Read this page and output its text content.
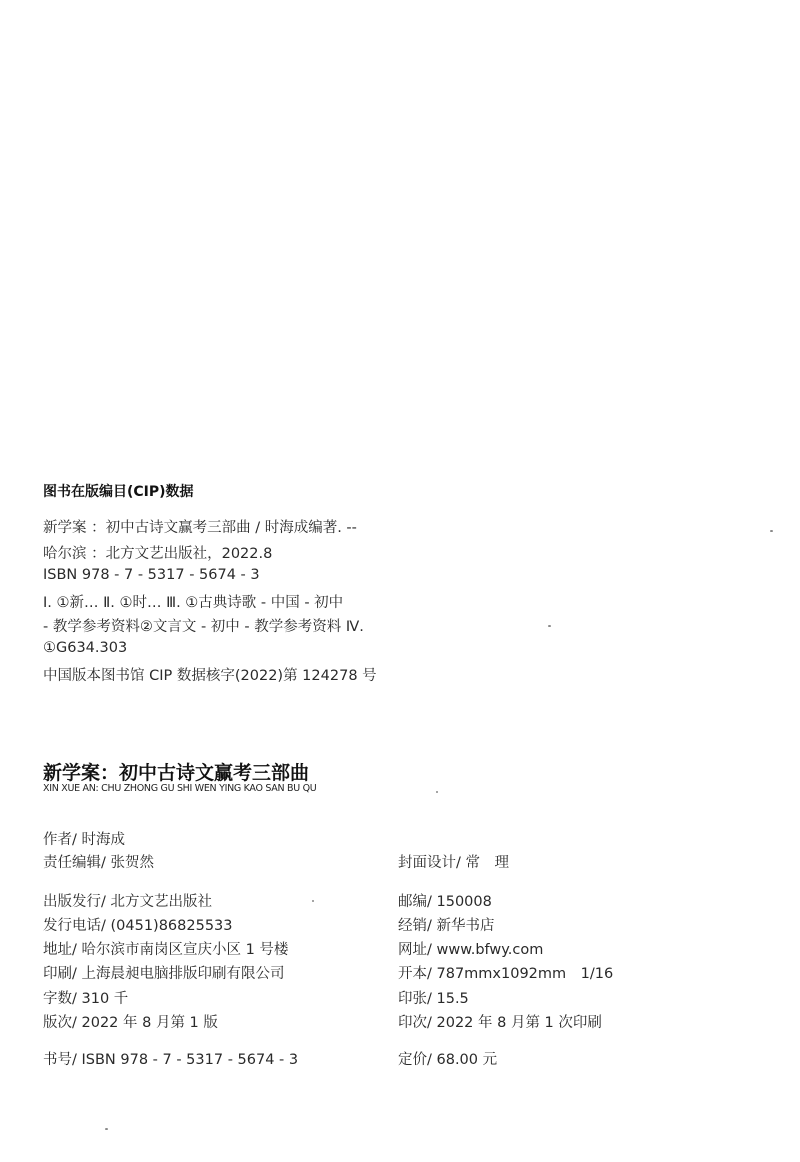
图书在版编目(CIP)数据
新学案 ：初中古诗文赢考三部曲 / 时海成编著. --
哈尔滨 ：北方文艺出版社，2022.8
ISBN 978 - 7 - 5317 - 5674 - 3
Ⅰ. ①新… Ⅱ. ①时… Ⅲ. ①古典诗歌 - 中国 - 初中
- 教学参考资料②文言文 - 初中 - 教学参考资料 Ⅳ.
①G634.303
中国版本图书馆 CIP 数据核字(2022)第 124278 号
新学案：初中古诗文赢考三部曲
XIN XUE AN: CHU ZHONG GU SHI WEN YING KAO SAN BU QU
作者/ 时海成
责任编辑/ 张贺然	封面设计/ 常　理
出版发行/ 北方文艺出版社
发行电话/ (0451)86825533
地址/ 哈尔滨市南岗区宣庆小区 1 号楼
印刷/ 上海晨昶电脑排版印刷有限公司
字数/ 310 千
版次/ 2022 年 8 月第 1 版
书号/ ISBN 978 - 7 - 5317 - 5674 - 3
邮编/ 150008
经销/ 新华书店
网址/ www.bfwy.com
开本/ 787mmx1092mm　1/16
印张/ 15.5
印次/ 2022 年 8 月第 1 次印刷
定价/ 68.00 元
